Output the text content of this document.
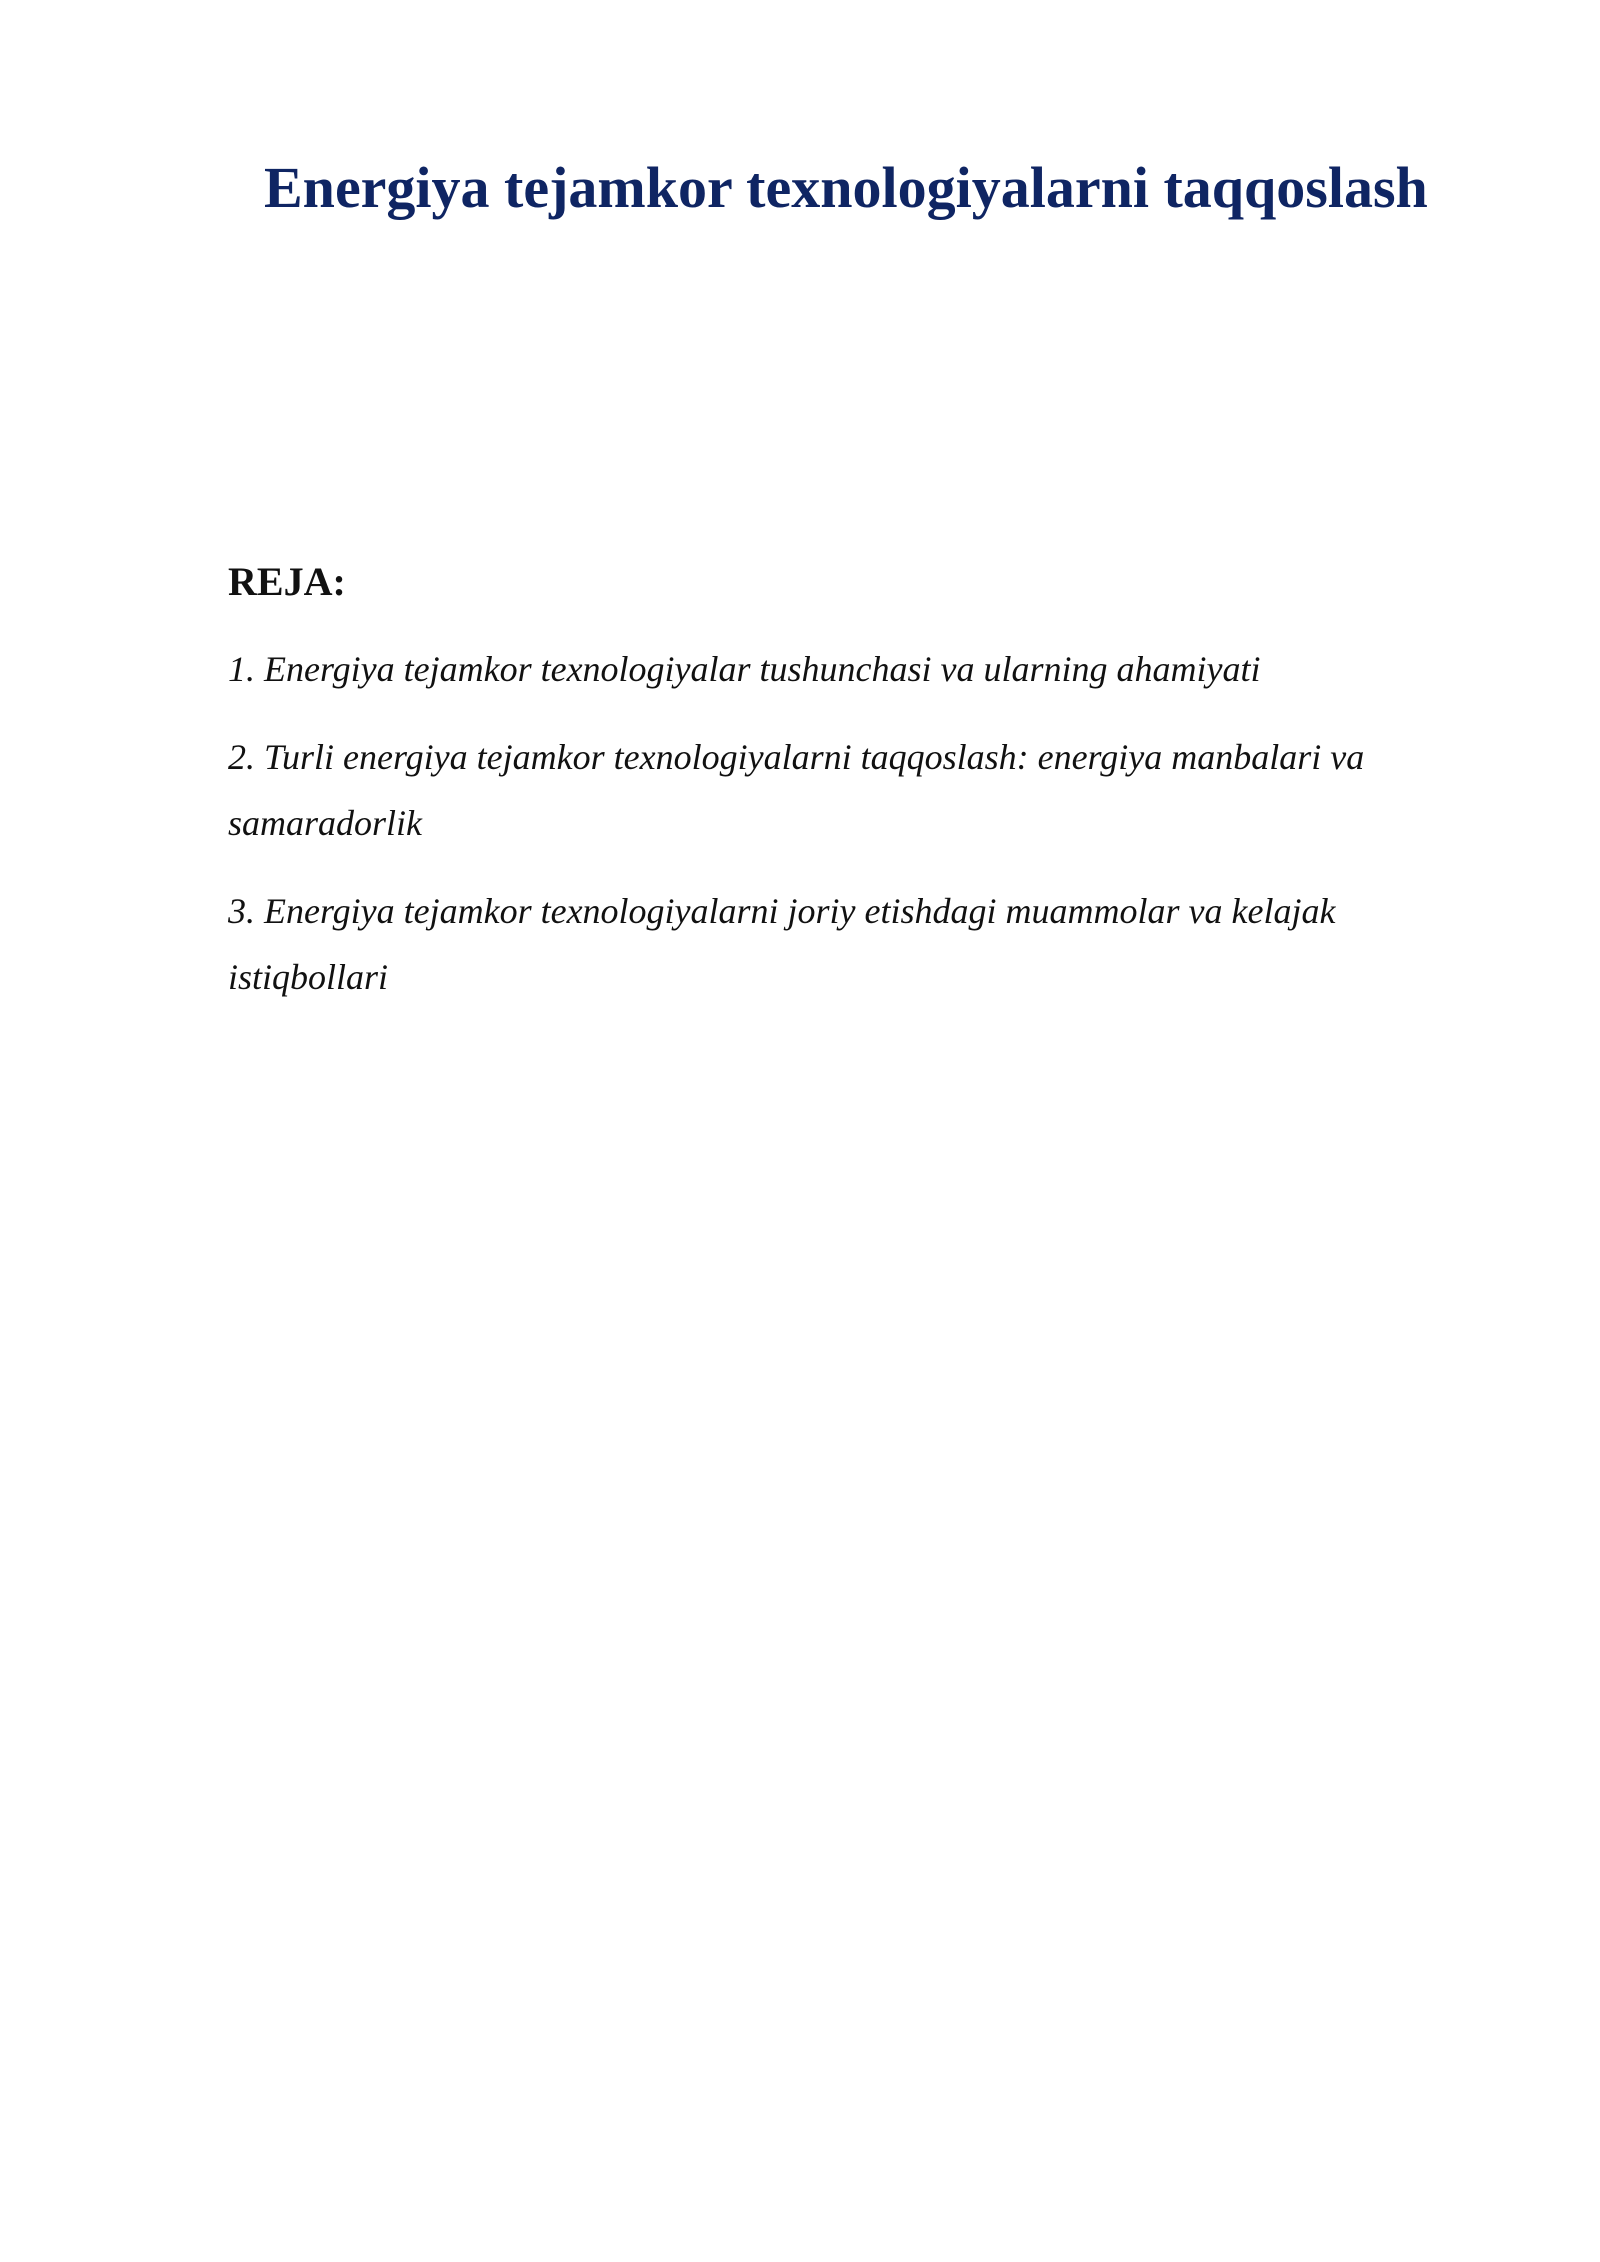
Energiya tejamkor texnologiyalarni taqqoslash
REJA:
1. Energiya tejamkor texnologiyalar tushunchasi va ularning ahamiyati
2. Turli energiya tejamkor texnologiyalarni taqqoslash: energiya manbalari va samaradorlik
3. Energiya tejamkor texnologiyalarni joriy etishdagi muammolar va kelajak istiqbollari
